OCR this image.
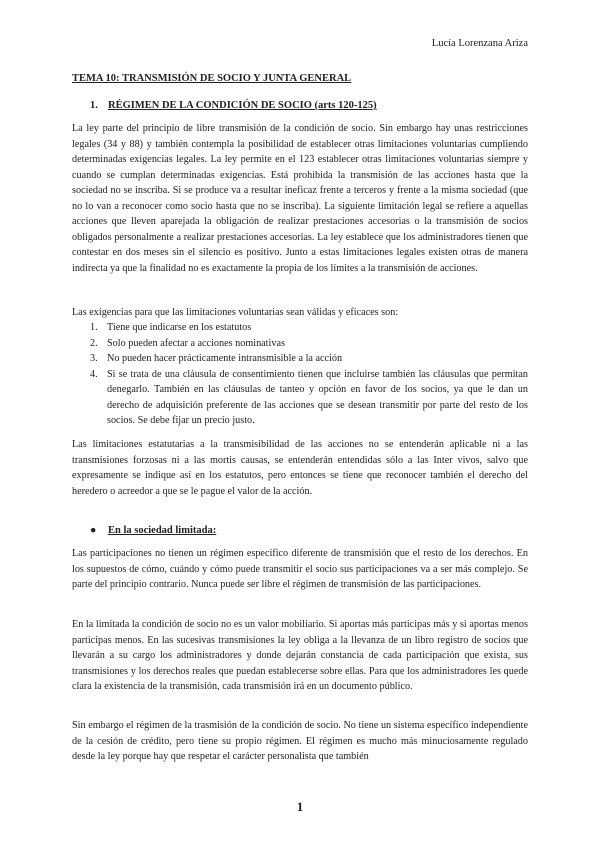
Lucía Lorenzana Ariza
TEMA 10: TRANSMISIÓN DE SOCIO Y JUNTA GENERAL
1. RÉGIMEN DE LA CONDICIÓN DE SOCIO (arts 120-125)

La ley parte del principio de libre transmisión de la condición de socio. Sin embargo hay unas restricciones legales (34 y 88) y también contempla la posibilidad de establecer otras limitaciones voluntarias cumpliendo determinadas exigencias legales. La ley permite en el 123 establecer otras limitaciones voluntarias siempre y cuando se cumplan determinadas exigencias. Está prohibida la transmisión de las acciones hasta que la sociedad no se inscriba. Si se produce va a resultar ineficaz frente a terceros y frente a la misma sociedad (que no lo van a reconocer como socio hasta que no se inscriba). La siguiente limitación legal se refiere a aquellas acciones que lleven aparejada la obligación de realizar prestaciones accesorias o la transmisión de socios obligados personalmente a realizar prestaciones accesorias. La ley establece que los administradores tienen que contestar en dos meses sin el silencio es positivo. Junto a estas limitaciones legales existen otras de manera indirecta ya que la finalidad no es exactamente la propia de los límites a la transmisión de acciones.

Las exigencias para que las limitaciones voluntarias sean válidas y eficaces son:

1. Tiene que indicarse en los estatutos
2. Solo pueden afectar a acciones nominativas
3. No pueden hacer prácticamente intransmisible a la acción
4. Si se trata de una cláusula de consentimiento tienen que incluirse también las cláusulas que permitan denegarlo. También en las cláusulas de tanteo y opción en favor de los socios, ya que le dan un derecho de adquisición preferente de las acciones que se desean transmitir por parte del resto de los socios. Se debe fijar un precio justo.

Las limitaciones estatutarias a la transmisibilidad de las acciones no se entenderán aplicable ni a las transmisiones forzosas ni a las mortis causas, se entenderán entendidas sólo a las Inter vivos, salvo que expresamente se indique así en los estatutos, pero entonces se tiene que reconocer también el derecho del heredero o acreedor a que se le pague el valor de la acción.

● En la sociedad limitada:

Las participaciones no tienen un régimen específico diferente de transmisión que el resto de los derechos. En los supuestos de cómo, cuándo y cómo puede transmitir el socio sus participaciones va a ser más complejo. Se parte del principio contrario. Nunca puede ser libre el régimen de transmisión de las participaciones.

En la limitada la condición de socio no es un valor mobiliario. Si aportas más participas más y si aportas menos participas menos. En las sucesivas transmisiones la ley obliga a la llevanza de un libro registro de socios que llevarán a su cargo los administradores y donde dejarán constancia de cada participación que exista, sus transmisiones y los derechos reales que puedan establecerse sobre ellas. Para que los administradores les quede clara la existencia de la transmisión, cada transmisión irá en un documento público.

Sin embargo el régimen de la trasmisión de la condición de socio. No tiene un sistema específico independiente de la cesión de crédito, pero tiene su propio régimen. El régimen es mucho más minuciosamente regulado desde la ley porque hay que respetar el carácter personalista que también

1
